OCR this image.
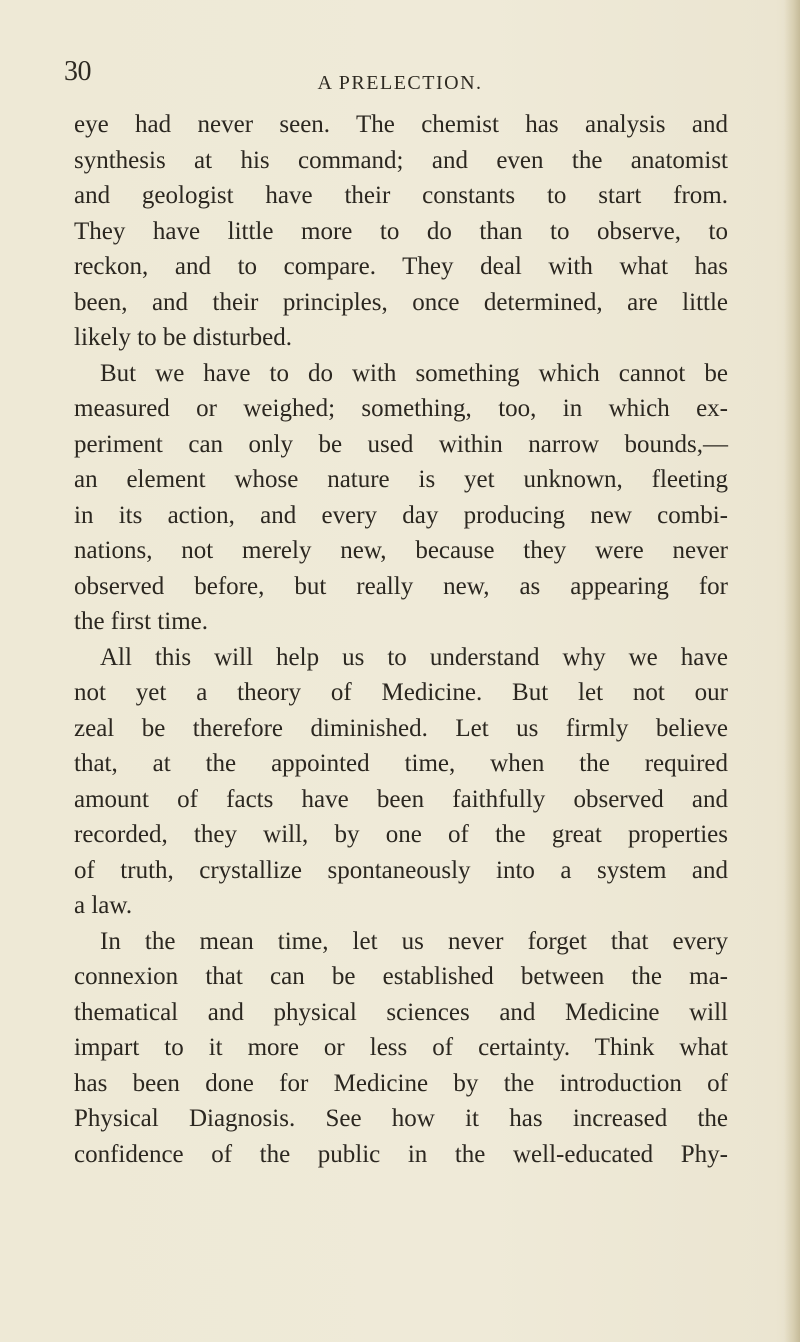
30	A PRELECTION.
eye had never seen. The chemist has analysis and
synthesis at his command; and even the anatomist
and geologist have their constants to start from.
They have little more to do than to observe, to
reckon, and to compare. They deal with what has
been, and their principles, once determined, are little
likely to be disturbed.
But we have to do with something which cannot be
measured or weighed; something, too, in which ex-
periment can only be used within narrow bounds,—
an element whose nature is yet unknown, fleeting
in its action, and every day producing new combi-
nations, not merely new, because they were never
observed before, but really new, as appearing for
the first time.
All this will help us to understand why we have
not yet a theory of Medicine. But let not our
zeal be therefore diminished. Let us firmly believe
that, at the appointed time, when the required
amount of facts have been faithfully observed and
recorded, they will, by one of the great properties
of truth, crystallize spontaneously into a system and
a law.
In the mean time, let us never forget that every
connexion that can be established between the ma-
thematical and physical sciences and Medicine will
impart to it more or less of certainty. Think what
has been done for Medicine by the introduction of
Physical Diagnosis. See how it has increased the
confidence of the public in the well-educated Phy-
